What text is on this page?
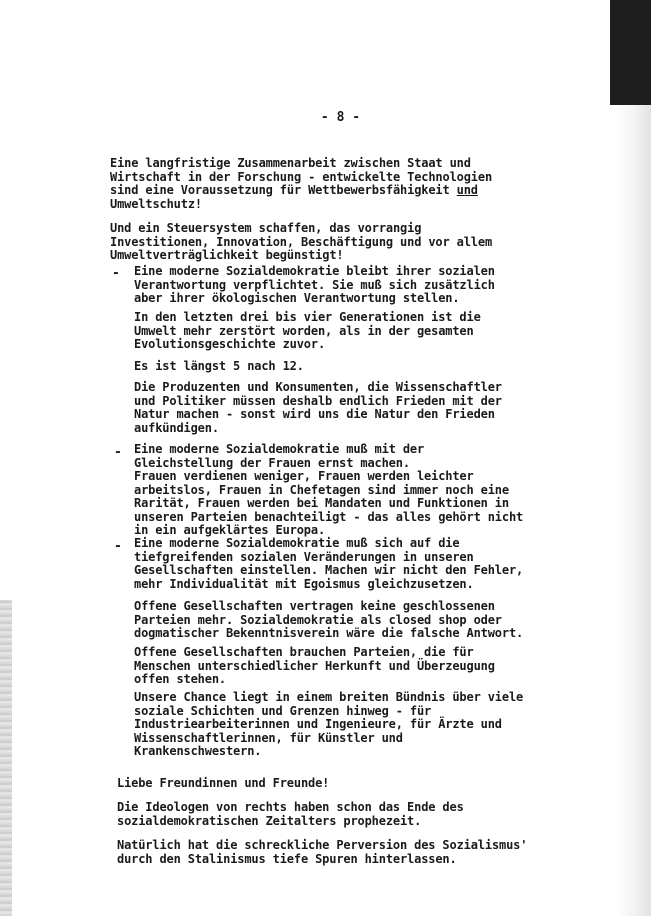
- 8 -
Eine langfristige Zusammenarbeit zwischen Staat und
Wirtschaft in der Forschung - entwickelte Technologien
sind eine Voraussetzung für Wettbewerbsfähigkeit und
Umweltschutz!
Und ein Steuersystem schaffen, das vorrangig
Investitionen, Innovation, Beschäftigung und vor allem
Umweltverträglichkeit begünstigt!
- Eine moderne Sozialdemokratie bleibt ihrer sozialen
Verantwortung verpflichtet. Sie muß sich zusätzlich
aber ihrer ökologischen Verantwortung stellen.
In den letzten drei bis vier Generationen ist die
Umwelt mehr zerstört worden, als in der gesamten
Evolutionsgeschichte zuvor.
Es ist längst 5 nach 12.
Die Produzenten und Konsumenten, die Wissenschaftler
und Politiker müssen deshalb endlich Frieden mit der
Natur machen - sonst wird uns die Natur den Frieden
aufkündigen.
- Eine moderne Sozialdemokratie muß mit der
Gleichstellung der Frauen ernst machen.
Frauen verdienen weniger, Frauen werden leichter
arbeitslos, Frauen in Chefetagen sind immer noch eine
Rarität, Frauen werden bei Mandaten und Funktionen in
unseren Parteien benachteiligt - das alles gehört nicht
in ein aufgeklärtes Europa.
- Eine moderne Sozialdemokratie muß sich auf die
tiefgreifenden sozialen Veränderungen in unseren
Gesellschaften einstellen. Machen wir nicht den Fehler,
mehr Individualität mit Egoismus gleichzusetzen.
Offene Gesellschaften vertragen keine geschlossenen
Parteien mehr. Sozialdemokratie als closed shop oder
dogmatischer Bekenntnisverein wäre die falsche Antwort.
Offene Gesellschaften brauchen Parteien, die für
Menschen unterschiedlicher Herkunft und Überzeugung
offen stehen.
Unsere Chance liegt in einem breiten Bündnis über viele
soziale Schichten und Grenzen hinweg - für
Industriearbeiterinnen und Ingenieure, für Ärzte und
Wissenschaftlerinnen, für Künstler und
Krankenschwestern.
Liebe Freundinnen und Freunde!
Die Ideologen von rechts haben schon das Ende des
sozialdemokratischen Zeitalters prophezeit.
Natürlich hat die schreckliche Perversion des Sozialismus'
durch den Stalinismus tiefe Spuren hinterlassen.
